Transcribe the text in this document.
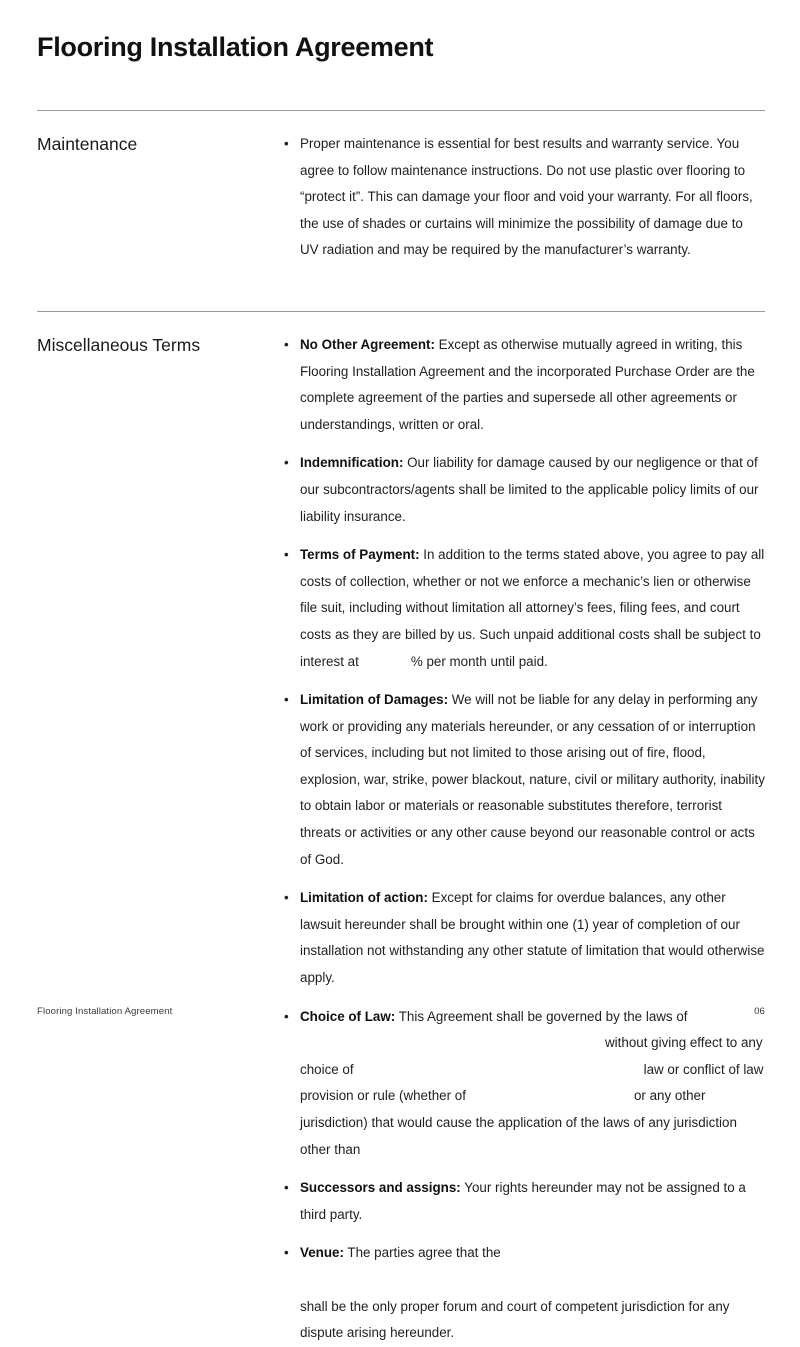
Flooring Installation Agreement
Maintenance	• Proper maintenance is essential for best results and warranty service. You agree to follow maintenance instructions. Do not use plastic over flooring to “protect it”. This can damage your floor and void your warranty. For all floors, the use of shades or curtains will minimize the possibility of damage due to UV radiation and may be required by the manufacturer’s warranty.
Miscellaneous Terms	• No Other Agreement: Except as otherwise mutually agreed in writing, this Flooring Installation Agreement and the incorporated Purchase Order are the complete agreement of the parties and supersede all other agreements or understandings, written or oral.
• Indemnification: Our liability for damage caused by our negligence or that of our subcontractors/agents shall be limited to the applicable policy limits of our liability insurance.
• Terms of Payment: In addition to the terms stated above, you agree to pay all costs of collection, whether or not we enforce a mechanic’s lien or otherwise file suit, including without limitation all attorney’s fees, filing fees, and court costs as they are billed by us. Such unpaid additional costs shall be subject to interest at	% per month until paid.
• Limitation of Damages: We will not be liable for any delay in performing any work or providing any materials hereunder, or any cessation of or interruption of services, including but not limited to those arising out of fire, flood, explosion, war, strike, power blackout, nature, civil or military authority, inability to obtain labor or materials or reasonable substitutes therefore, terrorist threats or activities or any other cause beyond our reasonable control or acts of God.
• Limitation of action: Except for claims for overdue balances, any other lawsuit hereunder shall be brought within one (1) year of completion of our installation not withstanding any other statute of limitation that would otherwise apply.
• Choice of Law: This Agreement shall be governed by the laws ofwithout giving effect to any choice of	law or conflict of law provision or rule (whether of	or any other jurisdiction) that would cause the application of the laws of any jurisdiction other than
• Successors and assigns: Your rights hereunder may not be assigned to a third party.
• Venue: The parties agree that the
shall be the only proper forum and court of competent jurisdiction for any dispute arising hereunder.
Flooring Installation Agreement	06
